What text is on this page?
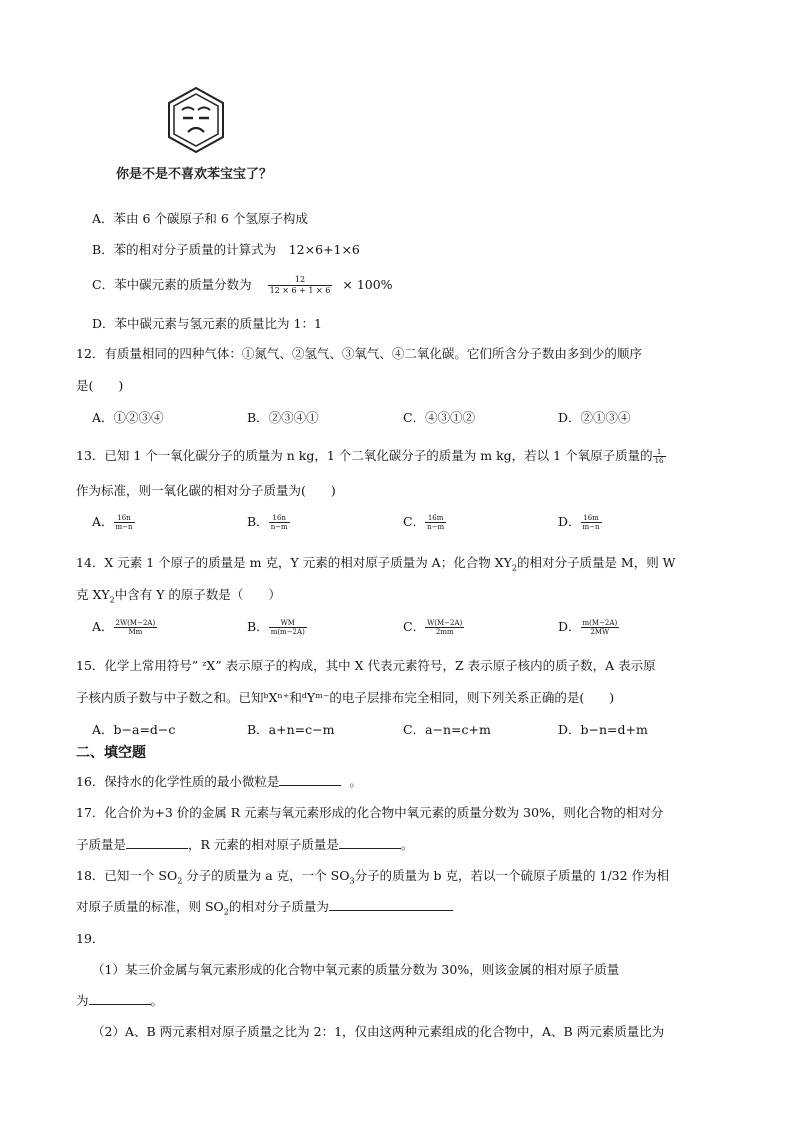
你是不是不喜欢苯宝宝了？
A．苯由 6 个碳原子和 6 个氢原子构成
B．苯的相对分子质量的计算式为　12×6+1×6
C．苯中碳元素的质量分数为 $\frac{12}{12 \times 6 + 1 \times 6} \times 100\%$
D．苯中碳元素与氢元素的质量比为 1：1
12．有质量相同的四种气体：①氮气、②氢气、③氧气、④二氧化碳。它们所含分子数由多到少的顺序
是(　　)
A．①②③④	B．②③④①	C．④③①②	D．②①③④
13．已知 1 个一氧化碳分子的质量为 n kg，1 个二氧化碳分子的质量为 m kg，若以 1 个氧原子质量的 $\frac{1}{16}$
作为标准，则一氧化碳的相对分子质量为(　　)
A． $\frac{16n}{m-n}$	B． $\frac{16n}{n-m}$	C． $\frac{16m}{n-m}$	D． $\frac{16m}{m-n}$
14．X 元素 1 个原子的质量是 m 克，Y 元素的相对原子质量为 A；化合物 $XY_2$的相对分子质量是 M，则 W
克 $XY_2$中含有 Y 的原子数是（　　）
A． $\frac{2W(M-2A)}{Mm}$	B． $\frac{WM}{m(m-2A)}$	C． $\frac{W(M-2A)}{2mm}$	D． $\frac{m(M-2A)}{2MW}$
15．化学上常用符号” ᶻX” 表示原子的构成，其中 X 代表元素符号，Z 表示原子核内的质子数，A 表示原
子核内质子数与中子数之和。已知ᵇXⁿ⁺和ᵈYᵐ⁻的电子层排布完全相同，则下列关系正确的是(　　)
A．b−a=d−c	B．a+n=c−m	C．a−n=c+m	D．b−n=d+m
二、填空题
16．保持水的化学性质的最小微粒是	。
17．化合价为+3 价的金属 R 元素与氧元素形成的化合物中氧元素的质量分数为 30%，则化合物的相对分
子质量是	，R 元素的相对原子质量是	。
18．已知一个 $SO_2$ 分子的质量为 a 克，一个 $SO_3$分子的质量为 b 克，若以一个硫原子质量的 1/32 作为相
对原子质量的标准，则 $SO_2$的相对分子质量为
19．
（1）某三价金属与氧元素形成的化合物中氧元素的质量分数为 30%，则该金属的相对原子质量
为	。
（2）A、B 两元素相对原子质量之比为 2：1，仅由这两种元素组成的化合物中，A、B 两元素质量比为
